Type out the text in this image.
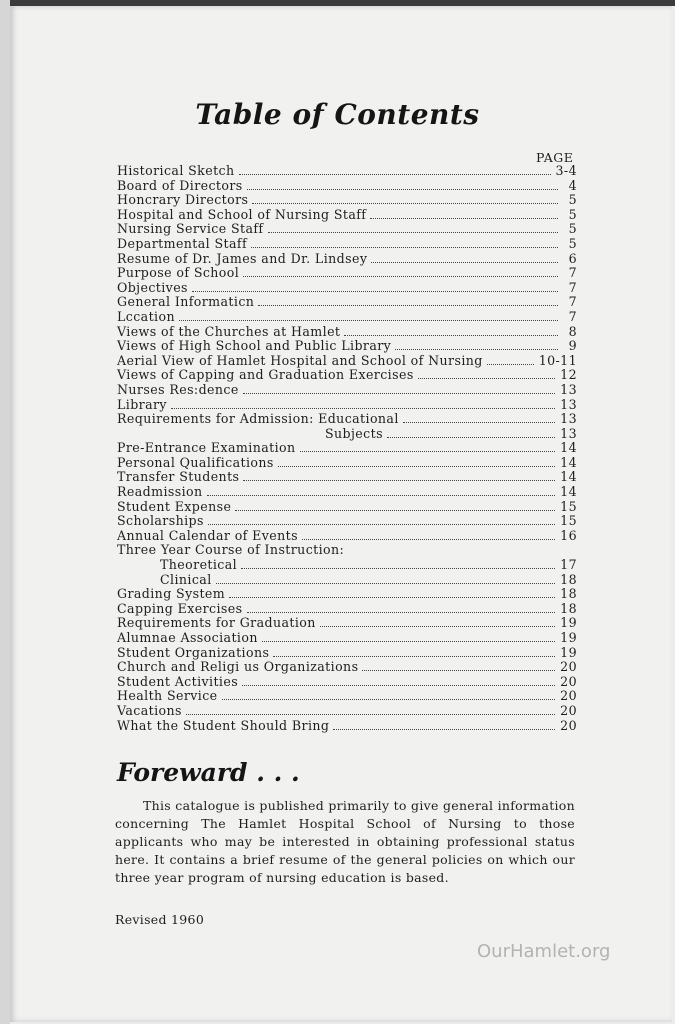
Table of Contents
PAGE
Historical Sketch	3-4
Board of Directors	4
Honcrary Directors	5
Hospital and School of Nursing Staff	5
Nursing Service Staff	5
Departmental Staff	5
Resume of Dr. James and Dr. Lindsey	6
Purpose of School	7
Objectives	7
General Informaticn	7
Lccation	7
Views of the Churches at Hamlet	8
Views of High School and Public Library	9
Aerial View of Hamlet Hospital and School of Nursing	10-11
Views of Capping and Graduation Exercises	12
Nurses Res:dence	13
Library	13
Requirements for Admission: Educational	13
Subjects	13
Pre-Entrance Examination	14
Personal Qualifications	14
Transfer Students	14
Readmission	14
Student Expense	15
Scholarships	15
Annual Calendar of Events	16
Three Year Course of Instruction:
Theoretical	17
Clinical	18
Grading System	18
Capping Exercises	18
Requirements for Graduation	19
Alumnae Association	19
Student Organizations	19
Church and Religi us Organizations	20
Student Activities	20
Health Service	20
Vacations	20
What the Student Should Bring	20
Foreward . . .
This catalogue is published primarily to give general information concerning The Hamlet Hospital School of Nursing to those applicants who may be interested in obtaining professional status here. It contains a brief resume of the general policies on which our three year program of nursing education is based.
Revised 1960
OurHamlet.org
